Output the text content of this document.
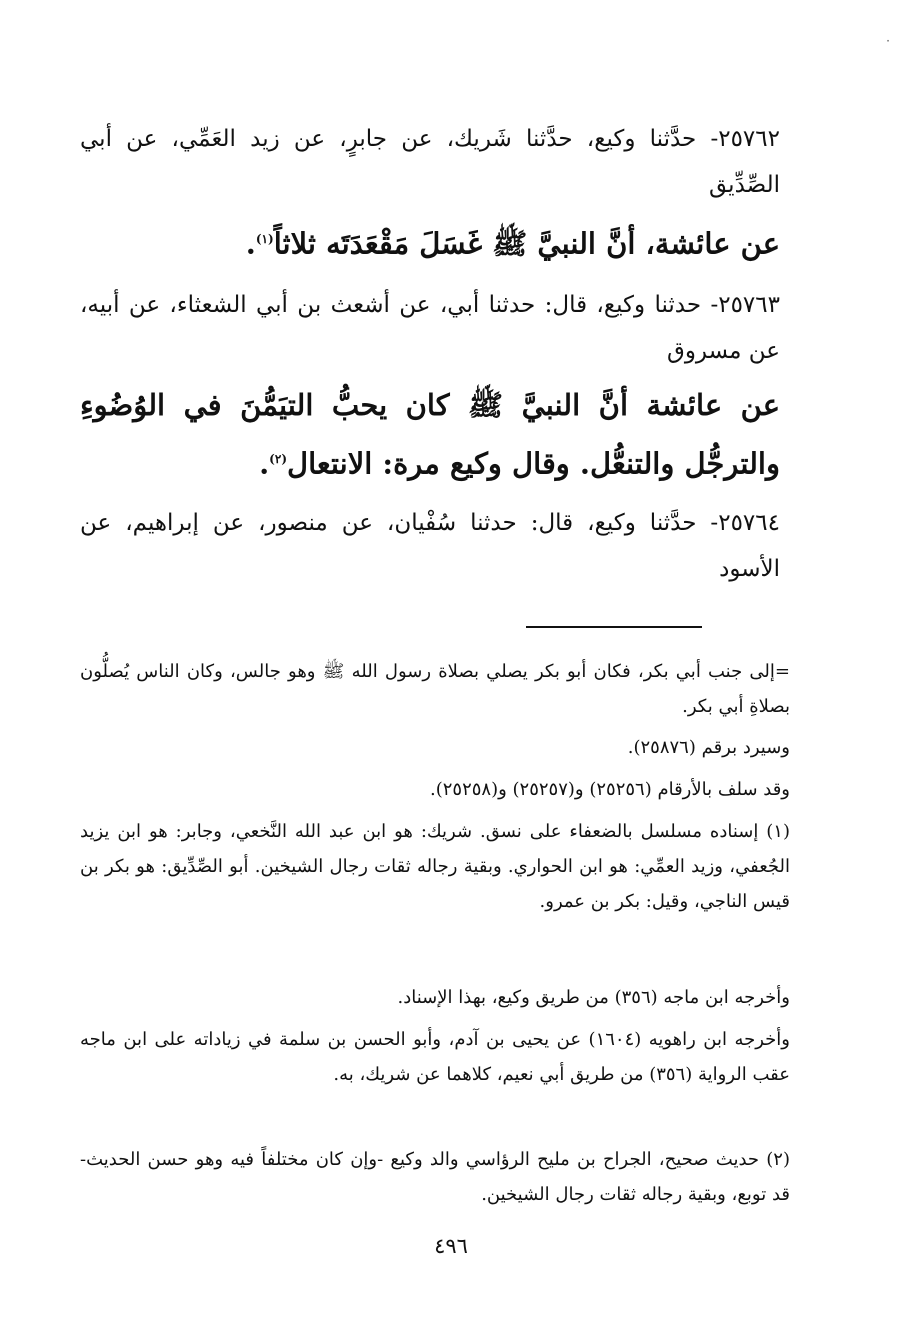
·
٢٥٧٦٢- حدَّثنا وكيع، حدَّثنا شَريك، عن جابرٍ، عن زيد العَمِّي، عن أبي الصِّدِّيق
عن عائشة، أنَّ النبيَّ ﷺ غَسَلَ مَقْعَدَتَه ثلاثاً$^{(١)}$.
٢٥٧٦٣- حدثنا وكيع، قال: حدثنا أبي، عن أشعث بن أبي الشعثاء، عن أبيه، عن مسروق
عن عائشة أنَّ النبيَّ ﷺ كان يحبُّ التيَمُّنَ في الوُضُوءِ والترجُّل والتنعُّل. وقال وكيع مرة: الانتعال$^{(٢)}$.
٢٥٧٦٤- حدَّثنا وكيع، قال: حدثنا سُفْيان، عن منصور، عن إبراهيم، عن الأسود
=إلى جنب أبي بكر، فكان أبو بكر يصلي بصلاة رسول الله ﷺ وهو جالس، وكان الناس يُصلُّون بصلاةِ أبي بكر.
وسيرد برقم (٢٥٨٧٦).
وقد سلف بالأرقام (٢٥٢٥٦) و(٢٥٢٥٧) و(٢٥٢٥٨).
(١) إسناده مسلسل بالضعفاء على نسق. شريك: هو ابن عبد الله النَّخعي، وجابر: هو ابن يزيد الجُعفي، وزيد العمِّي: هو ابن الحواري. وبقية رجاله ثقات رجال الشيخين. أبو الصِّدِّيق: هو بكر بن قيس الناجي، وقيل: بكر بن عمرو.
وأخرجه ابن ماجه (٣٥٦) من طريق وكيع، بهذا الإسناد.
وأخرجه ابن راهويه (١٦٠٤) عن يحيى بن آدم، وأبو الحسن بن سلمة في زياداته على ابن ماجه عقب الرواية (٣٥٦) من طريق أبي نعيم، كلاهما عن شريك، به.
(٢) حديث صحيح، الجراح بن مليح الرؤاسي والد وكيع -وإن كان مختلفاً فيه وهو حسن الحديث- قد توبع، وبقية رجاله ثقات رجال الشيخين.
٤٩٦
